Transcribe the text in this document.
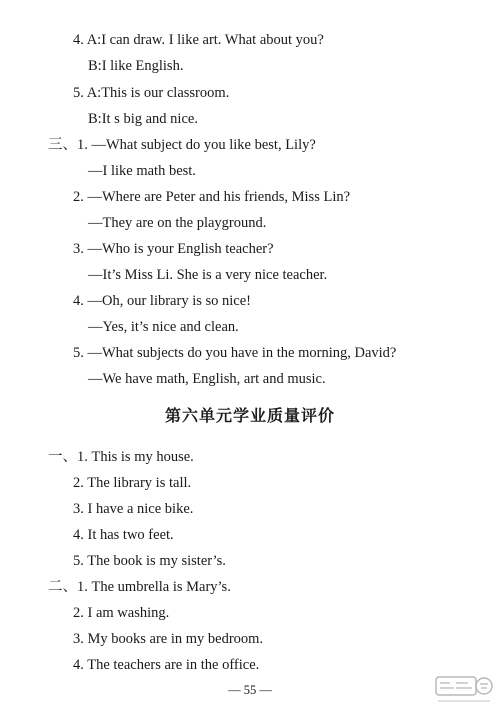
4. A:I can draw. I like art. What about you?
B:I like English.
5. A:This is our classroom.
B:It s big and nice.
三、1. —What subject do you like best, Lily?
—I like math best.
2. —Where are Peter and his friends, Miss Lin?
—They are on the playground.
3. —Who is your English teacher?
—It’s Miss Li. She is a very nice teacher.
4. —Oh, our library is so nice!
—Yes, it’s nice and clean.
5. —What subjects do you have in the morning, David?
—We have math, English, art and music.
第六单元学业质量评价
一、1. This is my house.
2. The library is tall.
3. I have a nice bike.
4. It has two feet.
5. The book is my sister’s.
二、1. The umbrella is Mary’s.
2. I am washing.
3. My books are in my bedroom.
4. The teachers are in the office.
— 55 —
